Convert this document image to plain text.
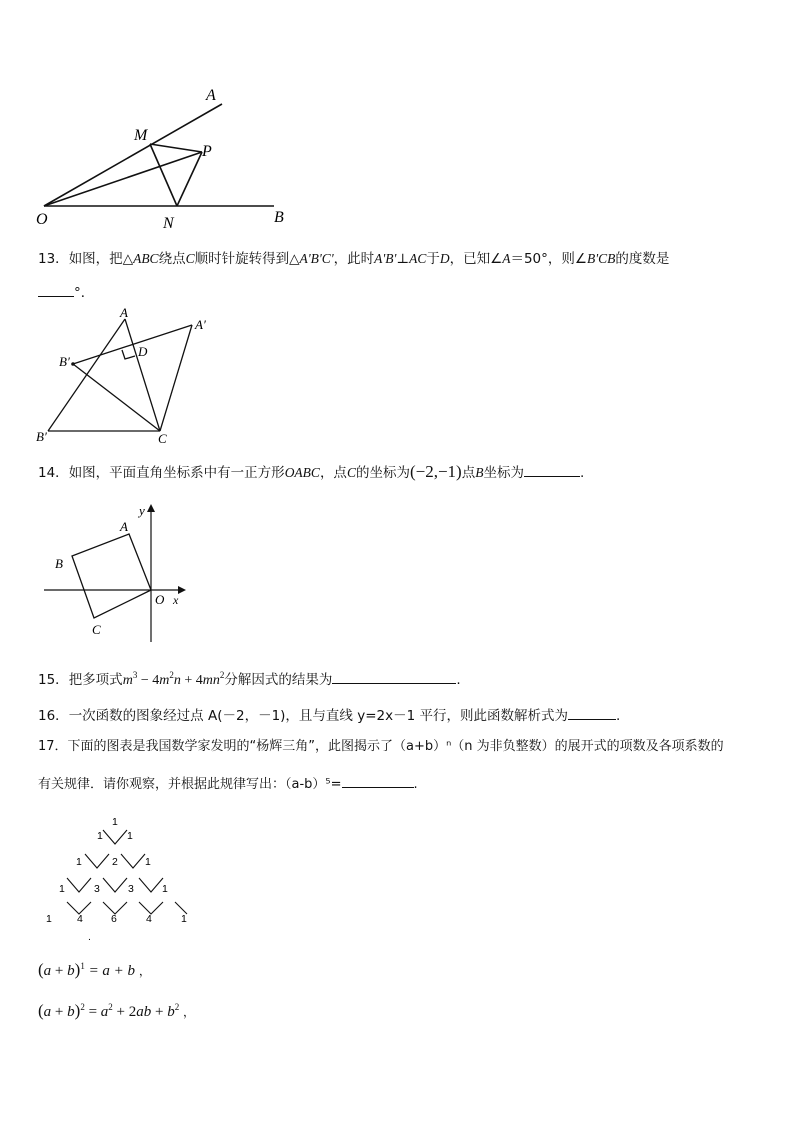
A
M
P
O	N	B
13．如图，把△ABC绕点C顺时针旋转得到△A'B'C'，此时A'B'⊥AC于D，已知∠A＝50°，则∠B'CB的度数是
°．
A
A′
B′
D
B′	C
14．如图，平面直角坐标系中有一正方形OABC，点C的坐标为(−2,−1)点B坐标为	.
y
A
B
O x
C
15．把多项式$m^3 - 4m^2n + 4mn^2$分解因式的结果为	.
16．一次函数的图象经过点 A(－2，－1)，且与直线 y=2x－1 平行，则此函数解析式为	.
17．下面的图表是我国数学家发明的“杨辉三角”，此图揭示了（a+b）ⁿ（n 为非负整数）的展开式的项数及各项系数的
有关规律．请你观察，并根据此规律写出：（a-b）⁵=	.
1
1 1
1	2	1
1	3	3	1
1 4	6	4	1
.
$(a + b)^1 = a + b$ ，
$(a + b)^2 = a^2 + 2ab + b^2$ ，
